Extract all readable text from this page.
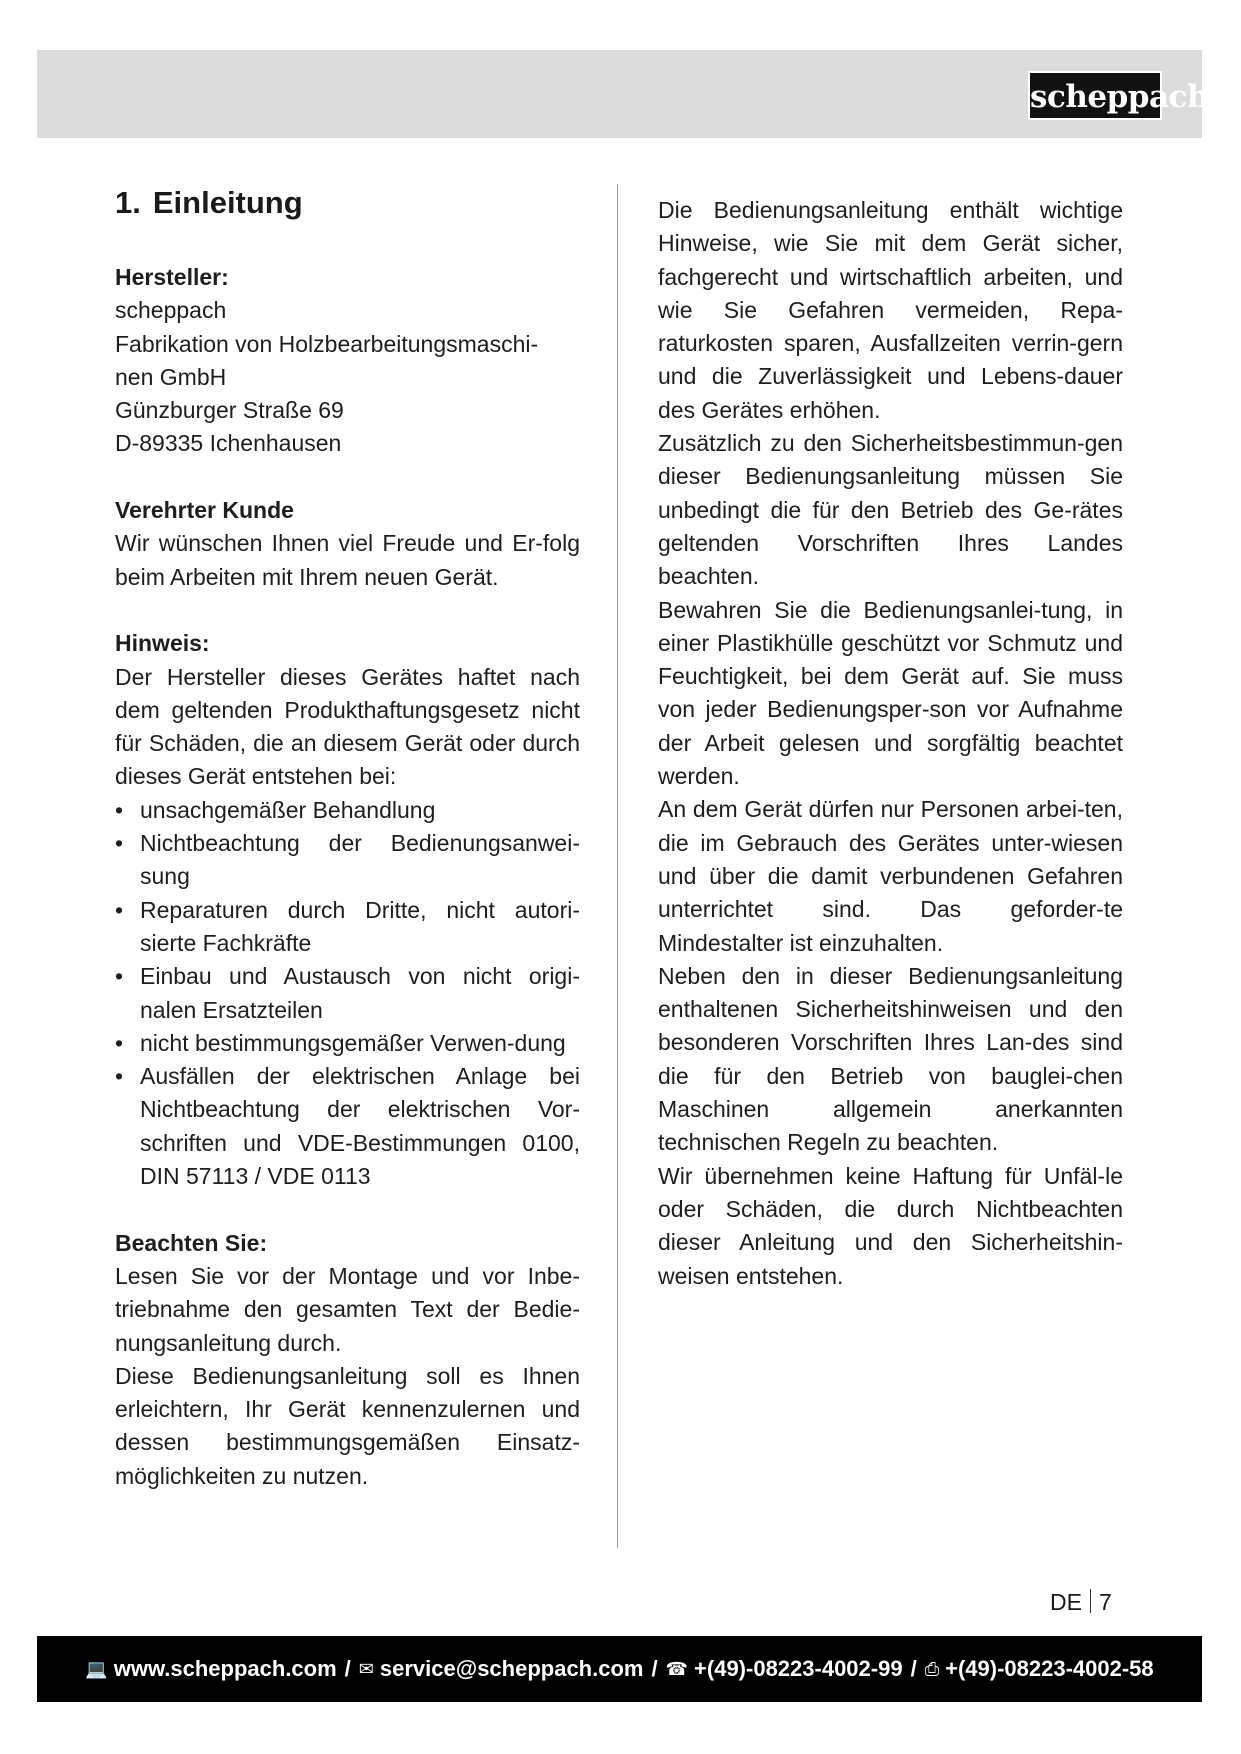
scheppach
1. Einleitung
Hersteller:
scheppach
Fabrikation von Holzbearbeitungsmaschi-
nen GmbH
Günzburger Straße 69
D-89335 Ichenhausen
Verehrter Kunde

Wir wünschen Ihnen viel Freude und Er-folg beim Arbeiten mit Ihrem neuen Gerät.

Hinweis:

Der Hersteller dieses Gerätes haftet nach dem geltenden Produkthaftungsgesetz nicht für Schäden, die an diesem Gerät oder durch dieses Gerät entstehen bei:

• unsachgemäßer Behandlung
• Nichtbeachtung der Bedienungsanwei-sung
• Reparaturen durch Dritte, nicht autori-sierte Fachkräfte
• Einbau und Austausch von nicht origi-nalen Ersatzteilen
• nicht bestimmungsgemäßer Verwen-dung
• Ausfällen der elektrischen Anlage bei Nichtbeachtung der elektrischen Vor-schriften und VDE-Bestimmungen 0100, DIN 57113 / VDE 0113
Beachten Sie:

Lesen Sie vor der Montage und vor Inbe-triebnahme den gesamten Text der Bedie-nungsanleitung durch.

Diese Bedienungsanleitung soll es Ihnen erleichtern, Ihr Gerät kennenzulernen und dessen bestimmungsgemäßen Einsatz-möglichkeiten zu nutzen.

Die Bedienungsanleitung enthält wichtige Hinweise, wie Sie mit dem Gerät sicher, fachgerecht und wirtschaftlich arbeiten, und wie Sie Gefahren vermeiden, Repa-raturkosten sparen, Ausfallzeiten verrin-gern und die Zuverlässigkeit und Lebens-dauer des Gerätes erhöhen.

Zusätzlich zu den Sicherheitsbestimmun-gen dieser Bedienungsanleitung müssen Sie unbedingt die für den Betrieb des Ge-rätes geltenden Vorschriften Ihres Landes beachten.

Bewahren Sie die Bedienungsanlei-tung, in einer Plastikhülle geschützt vor Schmutz und Feuchtigkeit, bei dem Gerät auf. Sie muss von jeder Bedienungsper-son vor Aufnahme der Arbeit gelesen und sorgfältig beachtet werden.

An dem Gerät dürfen nur Personen arbei-ten, die im Gebrauch des Gerätes unter-wiesen und über die damit verbundenen Gefahren unterrichtet sind. Das geforder-te Mindestalter ist einzuhalten.

Neben den in dieser Bedienungsanleitung enthaltenen Sicherheitshinweisen und den besonderen Vorschriften Ihres Lan-des sind die für den Betrieb von bauglei-chen Maschinen allgemein anerkannten technischen Regeln zu beachten.

Wir übernehmen keine Haftung für Unfäl-le oder Schäden, die durch Nichtbeachten dieser Anleitung und den Sicherheitshin-weisen entstehen.

DE 7
💻 www.scheppach.com / ✉ service@scheppach.com / ☎ +(49)-08223-4002-99 / ⎙ +(49)-08223-4002-58
